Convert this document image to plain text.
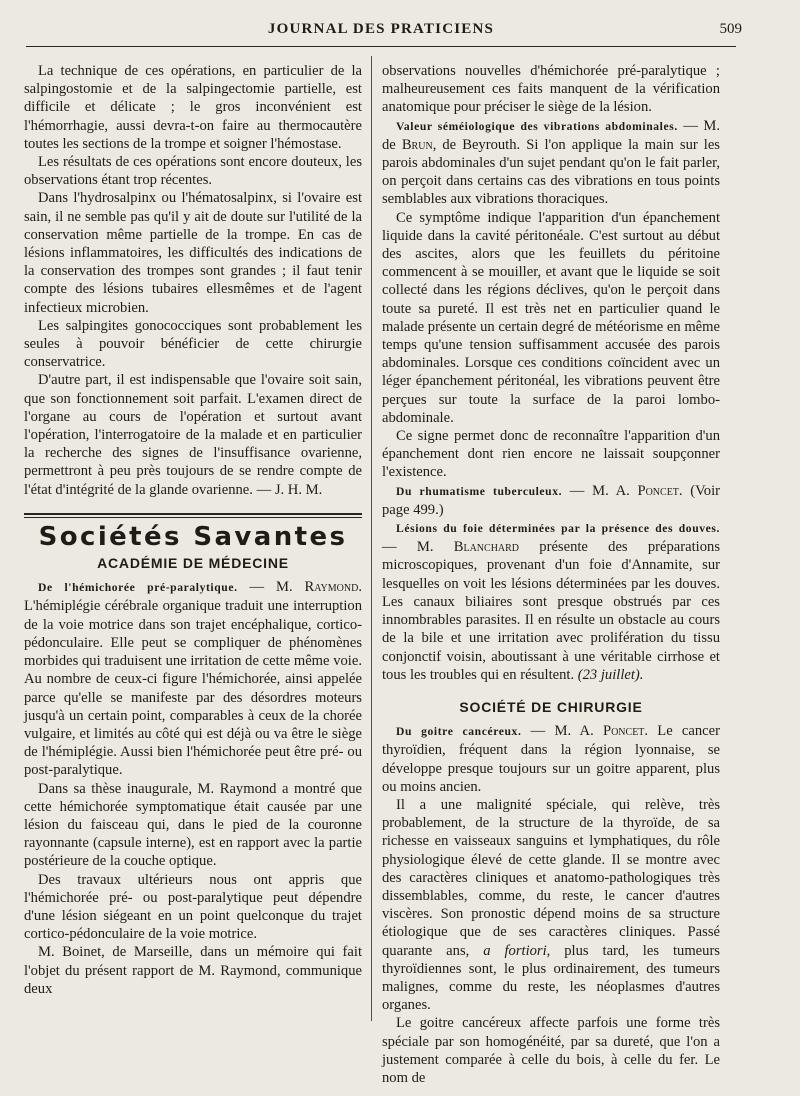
JOURNAL DES PRATICIENS	509

La technique de ces opérations, en particulier de la salpingostomie et de la salpingectomie partielle, est difficile et délicate ; le gros inconvénient est l'hémorrhagie, aussi devra-t-on faire au thermocautère toutes les sections de la trompe et soigner l'hémostase.

Les résultats de ces opérations sont encore douteux, les observations étant trop récentes.

Dans l'hydrosalpinx ou l'hématosalpinx, si l'ovaire est sain, il ne semble pas qu'il y ait de doute sur l'utilité de la conservation même partielle de la trompe. En cas de lésions inflammatoires, les difficultés des indications de la conservation des trompes sont grandes ; il faut tenir compte des lésions tubaires ellesmêmes et de l'agent infectieux microbien.

Les salpingites gonococciques sont probablement les seules à pouvoir bénéficier de cette chirurgie conservatrice.

D'autre part, il est indispensable que l'ovaire soit sain, que son fonctionnement soit parfait. L'examen direct de l'organe au cours de l'opération et surtout avant l'opération, l'interrogatoire de la malade et en particulier la recherche des signes de l'insuffisance ovarienne, permettront à peu près toujours de se rendre compte de l'état d'intégrité de la glande ovarienne. — J. H. M.

Sociétés Savantes
ACADÉMIE DE MÉDECINE

De l'hémichorée pré-paralytique. — M. Raymond. L'hémiplégie cérébrale organique traduit une interruption de la voie motrice dans son trajet encéphalique, cortico-pédonculaire. Elle peut se compliquer de phénomènes morbides qui traduisent une irritation de cette même voie. Au nombre de ceux-ci figure l'hémichorée, ainsi appelée parce qu'elle se manifeste par des désordres moteurs jusqu'à un certain point, comparables à ceux de la chorée vulgaire, et limités au côté qui est déjà ou va être le siège de l'hémiplégie. Aussi bien l'hémichorée peut être pré- ou post-paralytique.

Dans sa thèse inaugurale, M. Raymond a montré que cette hémichorée symptomatique était causée par une lésion du faisceau qui, dans le pied de la couronne rayonnante (capsule interne), est en rapport avec la partie postérieure de la couche optique.

Des travaux ultérieurs nous ont appris que l'hémichorée pré- ou post-paralytique peut dépendre d'une lésion siégeant en un point quelconque du trajet cortico-pédonculaire de la voie motrice.

M. Boinet, de Marseille, dans un mémoire qui fait l'objet du présent rapport de M. Raymond, communique deux

observations nouvelles d'hémichorée pré-paralytique ; malheureusement ces faits manquent de la vérification anatomique pour préciser le siège de la lésion.

Valeur séméiologique des vibrations abdominales. — M. de Brun, de Beyrouth. Si l'on applique la main sur les parois abdominales d'un sujet pendant qu'on le fait parler, on perçoit dans certains cas des vibrations en tous points semblables aux vibrations thoraciques.

Ce symptôme indique l'apparition d'un épanchement liquide dans la cavité péritonéale. C'est surtout au début des ascites, alors que les feuillets du péritoine commencent à se mouiller, et avant que le liquide se soit collecté dans les régions déclives, qu'on le perçoit dans toute sa pureté. Il est très net en particulier quand le malade présente un certain degré de météorisme en même temps qu'une tension suffisamment accusée des parois abdominales. Lorsque ces conditions coïncident avec un léger épanchement péritonéal, les vibrations peuvent être perçues sur toute la surface de la paroi lombo-abdominale.

Ce signe permet donc de reconnaître l'apparition d'un épanchement dont rien encore ne laissait soupçonner l'existence.

Du rhumatisme tuberculeux. — M. A. Poncet. (Voir page 499.)

Lésions du foie déterminées par la présence des douves. — M. Blanchard présente des préparations microscopiques, provenant d'un foie d'Annamite, sur lesquelles on voit les lésions déterminées par les douves. Les canaux biliaires sont presque obstrués par ces innombrables parasites. Il en résulte un obstacle au cours de la bile et une irritation avec prolifération du tissu conjonctif voisin, aboutissant à une véritable cirrhose et tous les troubles qui en résultent. (23 juillet).

SOCIÉTÉ DE CHIRURGIE

Du goitre cancéreux. — M. A. Poncet. Le cancer thyroïdien, fréquent dans la région lyonnaise, se développe presque toujours sur un goitre apparent, plus ou moins ancien.

Il a une malignité spéciale, qui relève, très probablement, de la structure de la thyroïde, de sa richesse en vaisseaux sanguins et lymphatiques, du rôle physiologique élevé de cette glande. Il se montre avec des caractères cliniques et anatomo-pathologiques très dissemblables, comme, du reste, le cancer d'autres viscères. Son pronostic dépend moins de sa structure étiologique que de ses caractères cliniques. Passé quarante ans, a fortiori, plus tard, les tumeurs thyroïdiennes sont, le plus ordinairement, des tumeurs malignes, comme du reste, les néoplasmes d'autres organes.

Le goitre cancéreux affecte parfois une forme très spéciale par son homogénéité, par sa dureté, que l'on a justement comparée à celle du bois, à celle du fer. Le nom de
